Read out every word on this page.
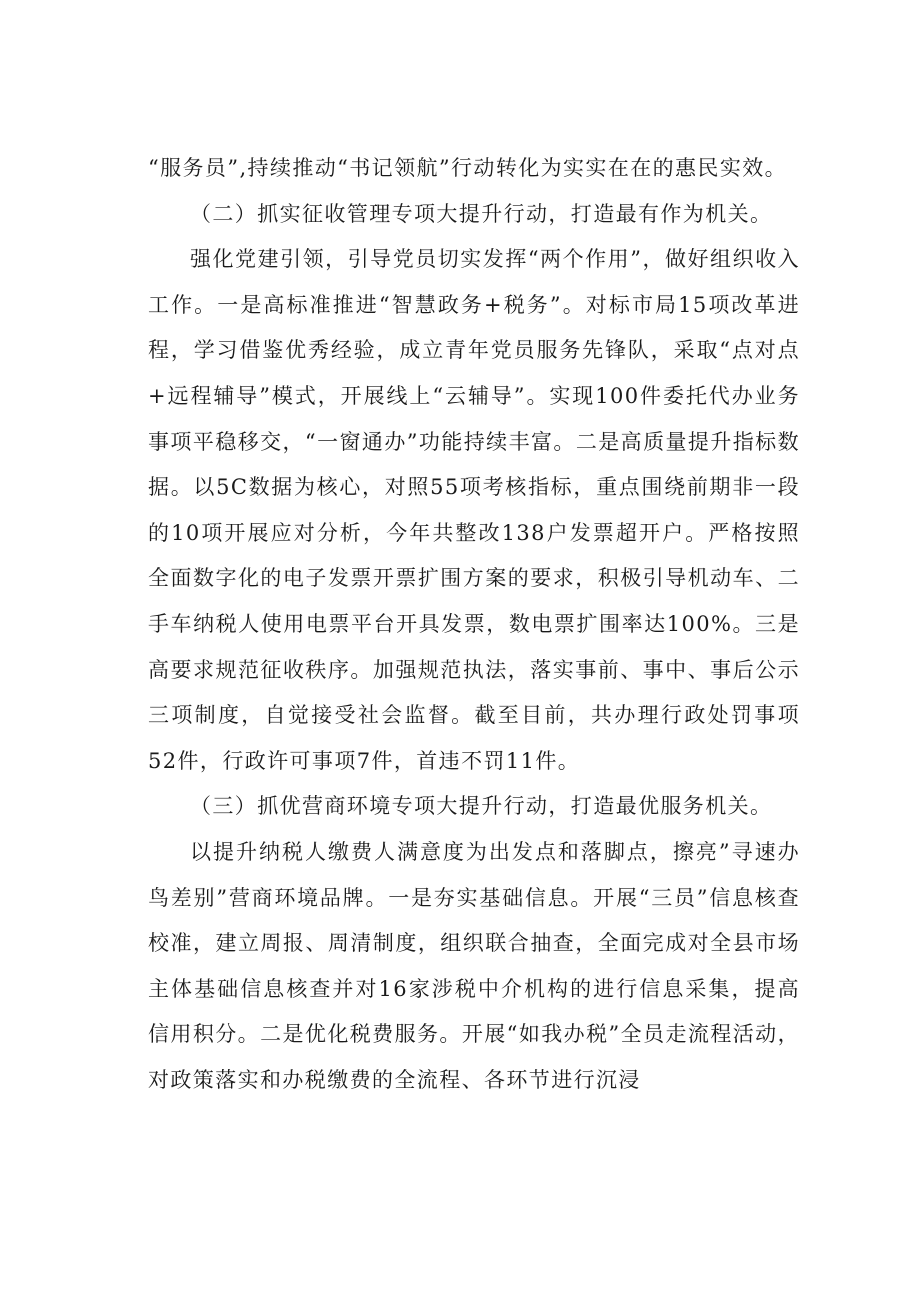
“服务员”,持续推动“书记领航”行动转化为实实在在的惠民实效。

（二）抓实征收管理专项大提升行动，打造最有作为机关。

强化党建引领，引导党员切实发挥“两个作用”，做好组织收入工作。一是高标准推进“智慧政务+税务”。对标市局15项改革进程，学习借鉴优秀经验，成立青年党员服务先锋队，采取“点对点+远程辅导”模式，开展线上“云辅导”。实现100件委托代办业务事项平稳移交，“一窗通办”功能持续丰富。二是高质量提升指标数据。以5C数据为核心，对照55项考核指标，重点围绕前期非一段的10项开展应对分析，今年共整改138户发票超开户。严格按照全面数字化的电子发票开票扩围方案的要求，积极引导机动车、二手车纳税人使用电票平台开具发票，数电票扩围率达100%。三是高要求规范征收秩序。加强规范执法，落实事前、事中、事后公示三项制度，自觉接受社会监督。截至目前，共办理行政处罚事项52件，行政许可事项7件，首违不罚11件。

（三）抓优营商环境专项大提升行动，打造最优服务机关。

以提升纳税人缴费人满意度为出发点和落脚点，擦亮”寻速办鸟差别”营商环境品牌。一是夯实基础信息。开展“三员”信息核查校准，建立周报、周清制度，组织联合抽查，全面完成对全县市场主体基础信息核查并对16家涉税中介机构的进行信息采集，提高信用积分。二是优化税费服务。开展“如我办税”全员走流程活动，对政策落实和办税缴费的全流程、各环节进行沉浸
